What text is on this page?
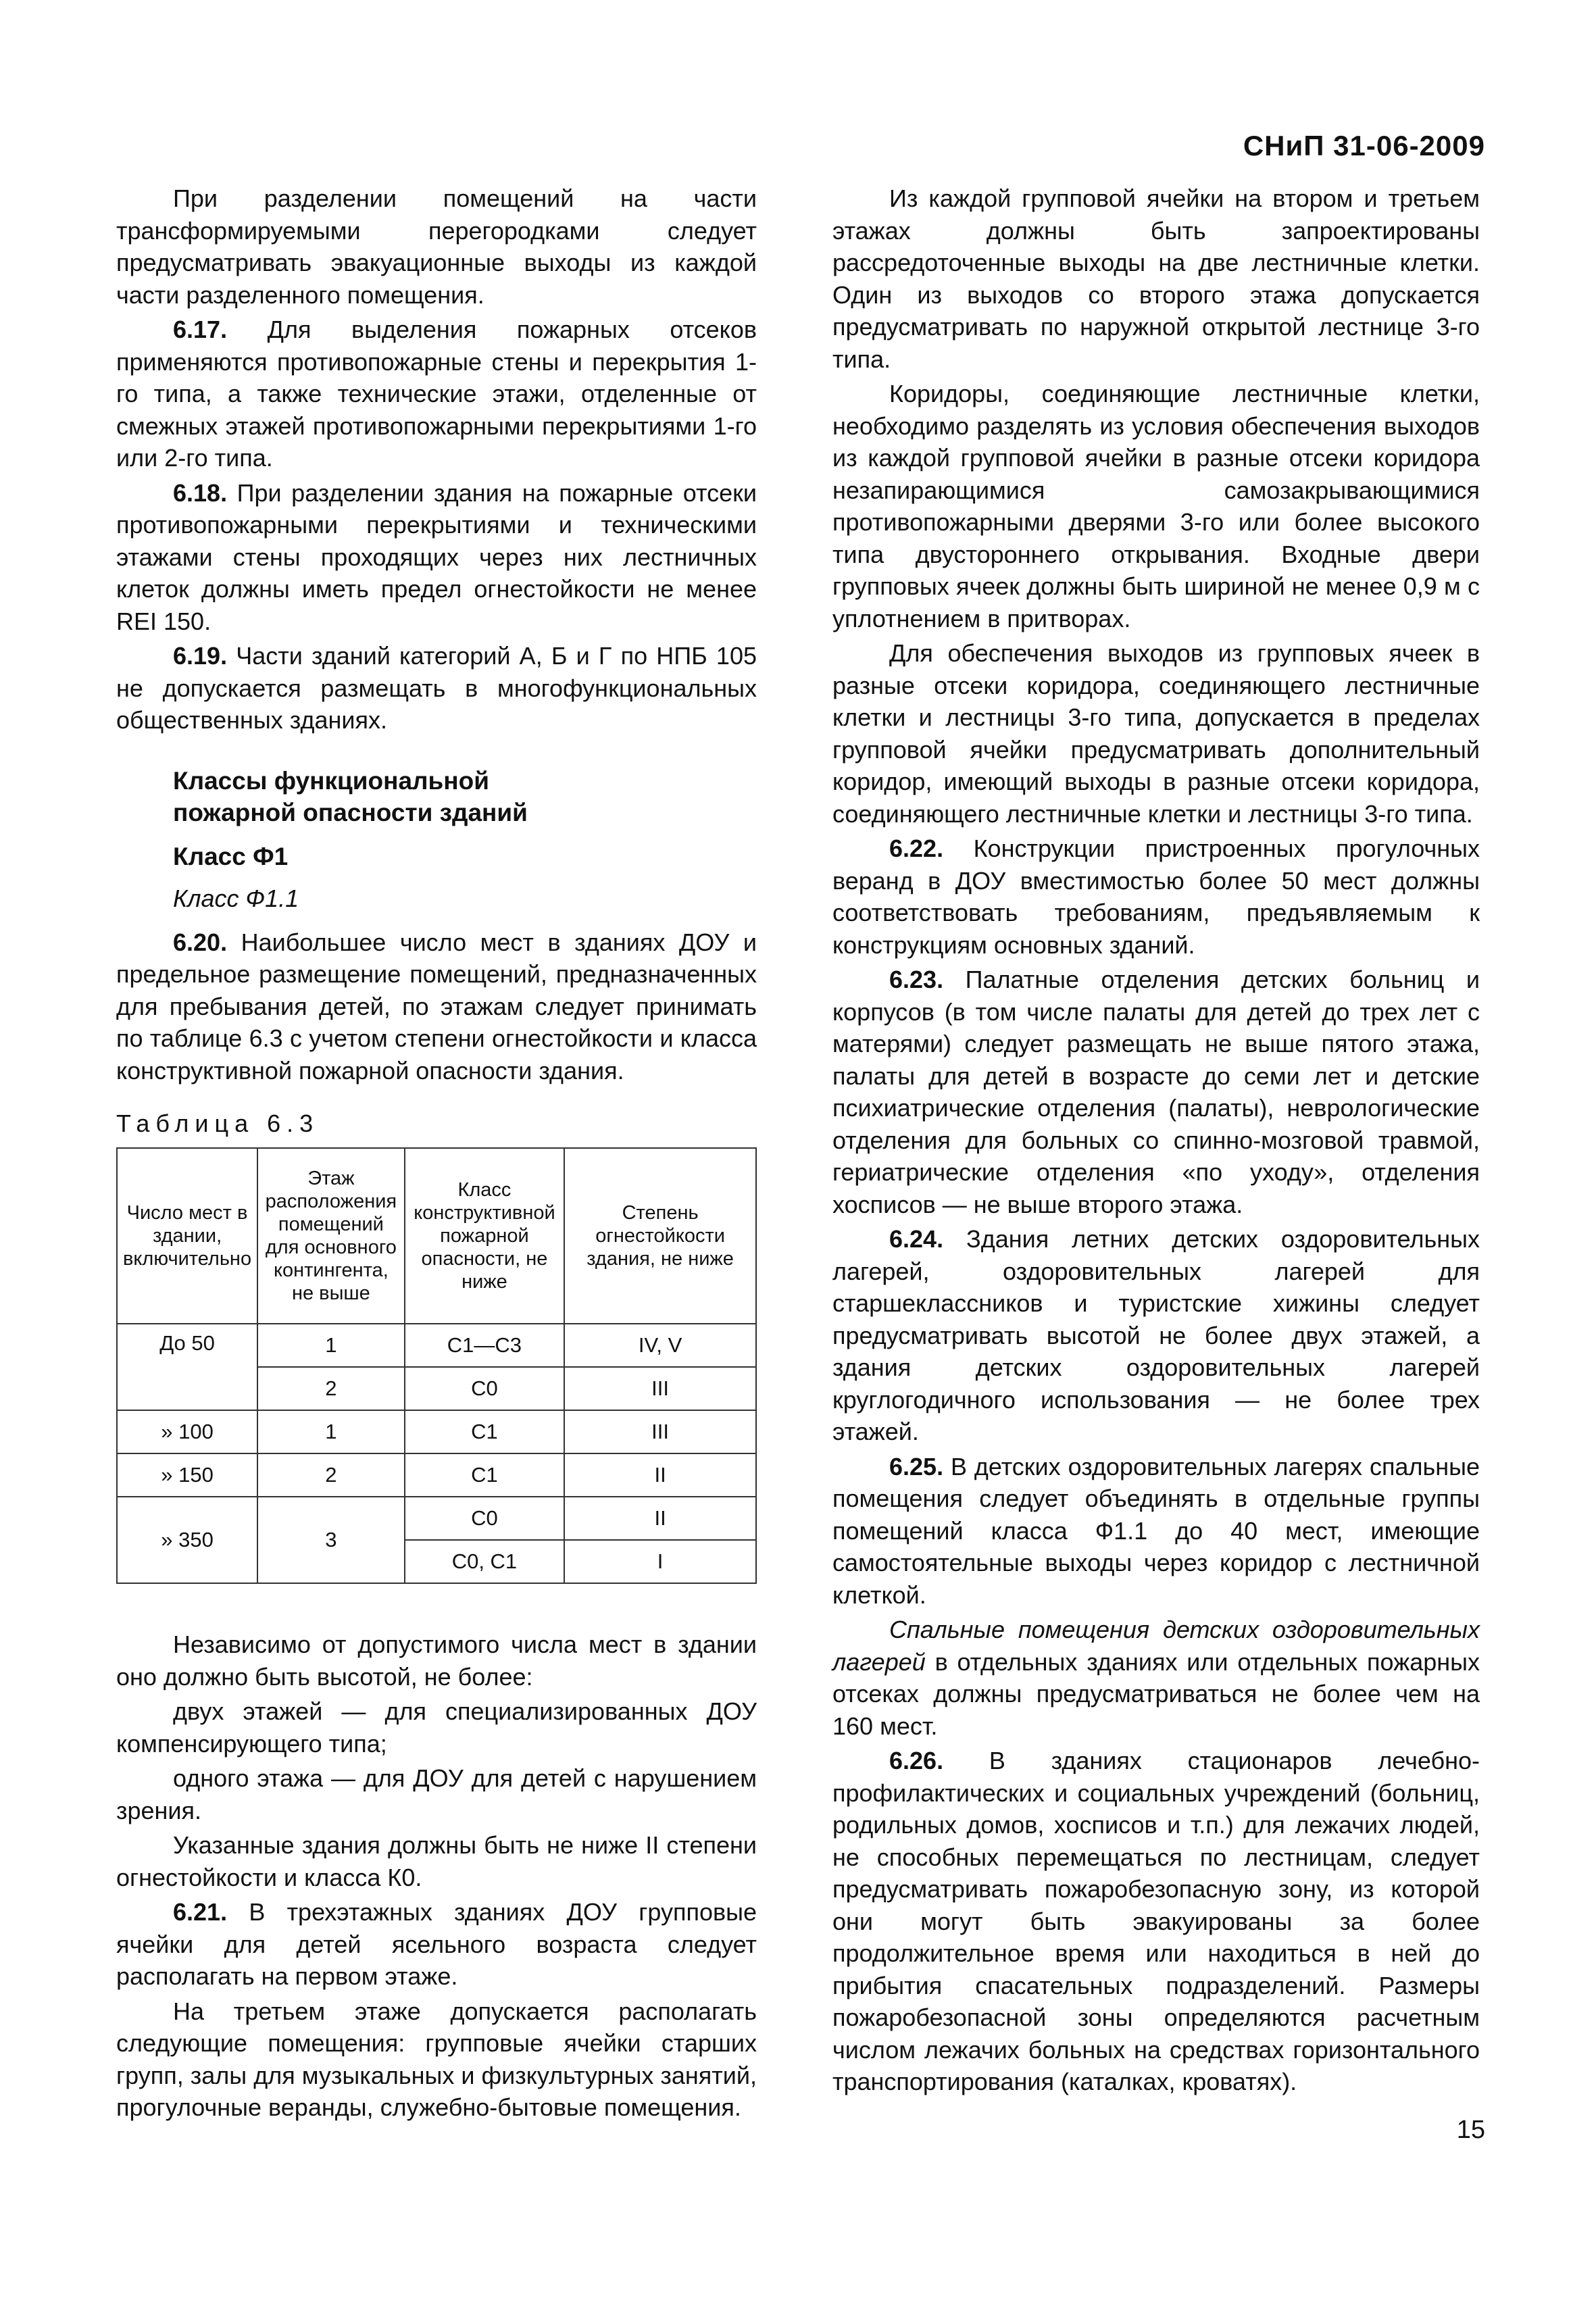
СНиП 31-06-2009

При разделении помещений на части трансформируемыми перегородками следует предусматривать эвакуационные выходы из каждой части разделенного помещения.

6.17. Для выделения пожарных отсеков применяются противопожарные стены и перекрытия 1-го типа, а также технические этажи, отделенные от смежных этажей противопожарными перекрытиями 1-го или 2-го типа.

6.18. При разделении здания на пожарные отсеки противопожарными перекрытиями и техническими этажами стены проходящих через них лестничных клеток должны иметь предел огнестойкости не менее REI 150.

6.19. Части зданий категорий А, Б и Г по НПБ 105 не допускается размещать в многофункциональных общественных зданиях.

Классы функциональной

пожарной опасности зданий

Класс Ф1

Класс Ф1.1

6.20. Наибольшее число мест в зданиях ДОУ и предельное размещение помещений, предназначенных для пребывания детей, по этажам следует принимать по таблице 6.3 с учетом степени огнестойкости и класса конструктивной пожарной опасности здания.

Таблица 6.3

Число мест в здании, включительно	Этаж расположения помещений для основного контингента, не выше	Класс конструктивной пожарной опасности, не ниже	Степень огнестойкости здания, не ниже
До 50	1	С1—С3	IV, V
	2	С0	III
» 100	1	С1	III
» 150	2	С1	II
» 350	3	С0	II
		С0, С1	I

Независимо от допустимого числа мест в здании оно должно быть высотой, не более:

двух этажей — для специализированных ДОУ компенсирующего типа;

одного этажа — для ДОУ для детей с нарушением зрения.

Указанные здания должны быть не ниже II степени огнестойкости и класса К0.

6.21. В трехэтажных зданиях ДОУ групповые ячейки для детей ясельного возраста следует располагать на первом этаже.

На третьем этаже допускается располагать следующие помещения: групповые ячейки старших групп, залы для музыкальных и физкультурных занятий, прогулочные веранды, служебно-бытовые помещения.

Из каждой групповой ячейки на втором и третьем этажах должны быть запроектированы рассредоточенные выходы на две лестничные клетки. Один из выходов со второго этажа допускается предусматривать по наружной открытой лестнице 3-го типа.

Коридоры, соединяющие лестничные клетки, необходимо разделять из условия обеспечения выходов из каждой групповой ячейки в разные отсеки коридора незапирающимися самозакрывающимися противопожарными дверями 3-го или более высокого типа двустороннего открывания. Входные двери групповых ячеек должны быть шириной не менее 0,9 м с уплотнением в притворах.

Для обеспечения выходов из групповых ячеек в разные отсеки коридора, соединяющего лестничные клетки и лестницы 3-го типа, допускается в пределах групповой ячейки предусматривать дополнительный коридор, имеющий выходы в разные отсеки коридора, соединяющего лестничные клетки и лестницы 3-го типа.

6.22. Конструкции пристроенных прогулочных веранд в ДОУ вместимостью более 50 мест должны соответствовать требованиям, предъявляемым к конструкциям основных зданий.

6.23. Палатные отделения детских больниц и корпусов (в том числе палаты для детей до трех лет с матерями) следует размещать не выше пятого этажа, палаты для детей в возрасте до семи лет и детские психиатрические отделения (палаты), неврологические отделения для больных со спинно-мозговой травмой, гериатрические отделения «по уходу», отделения хосписов — не выше второго этажа.

6.24. Здания летних детских оздоровительных лагерей, оздоровительных лагерей для старшеклассников и туристские хижины следует предусматривать высотой не более двух этажей, а здания детских оздоровительных лагерей круглогодичного использования — не более трех этажей.

6.25. В детских оздоровительных лагерях спальные помещения следует объединять в отдельные группы помещений класса Ф1.1 до 40 мест, имеющие самостоятельные выходы через коридор с лестничной клеткой.

Спальные помещения детских оздоровительных лагерей в отдельных зданиях или отдельных пожарных отсеках должны предусматриваться не более чем на 160 мест.

6.26. В зданиях стационаров лечебно-профилактических и социальных учреждений (больниц, родильных домов, хосписов и т.п.) для лежачих людей, не способных перемещаться по лестницам, следует предусматривать пожаробезопасную зону, из которой они могут быть эвакуированы за более продолжительное время или находиться в ней до прибытия спасательных подразделений. Размеры пожаробезопасной зоны определяются расчетным числом лежачих больных на средствах горизонтального транспортирования (каталках, кроватях).

15
